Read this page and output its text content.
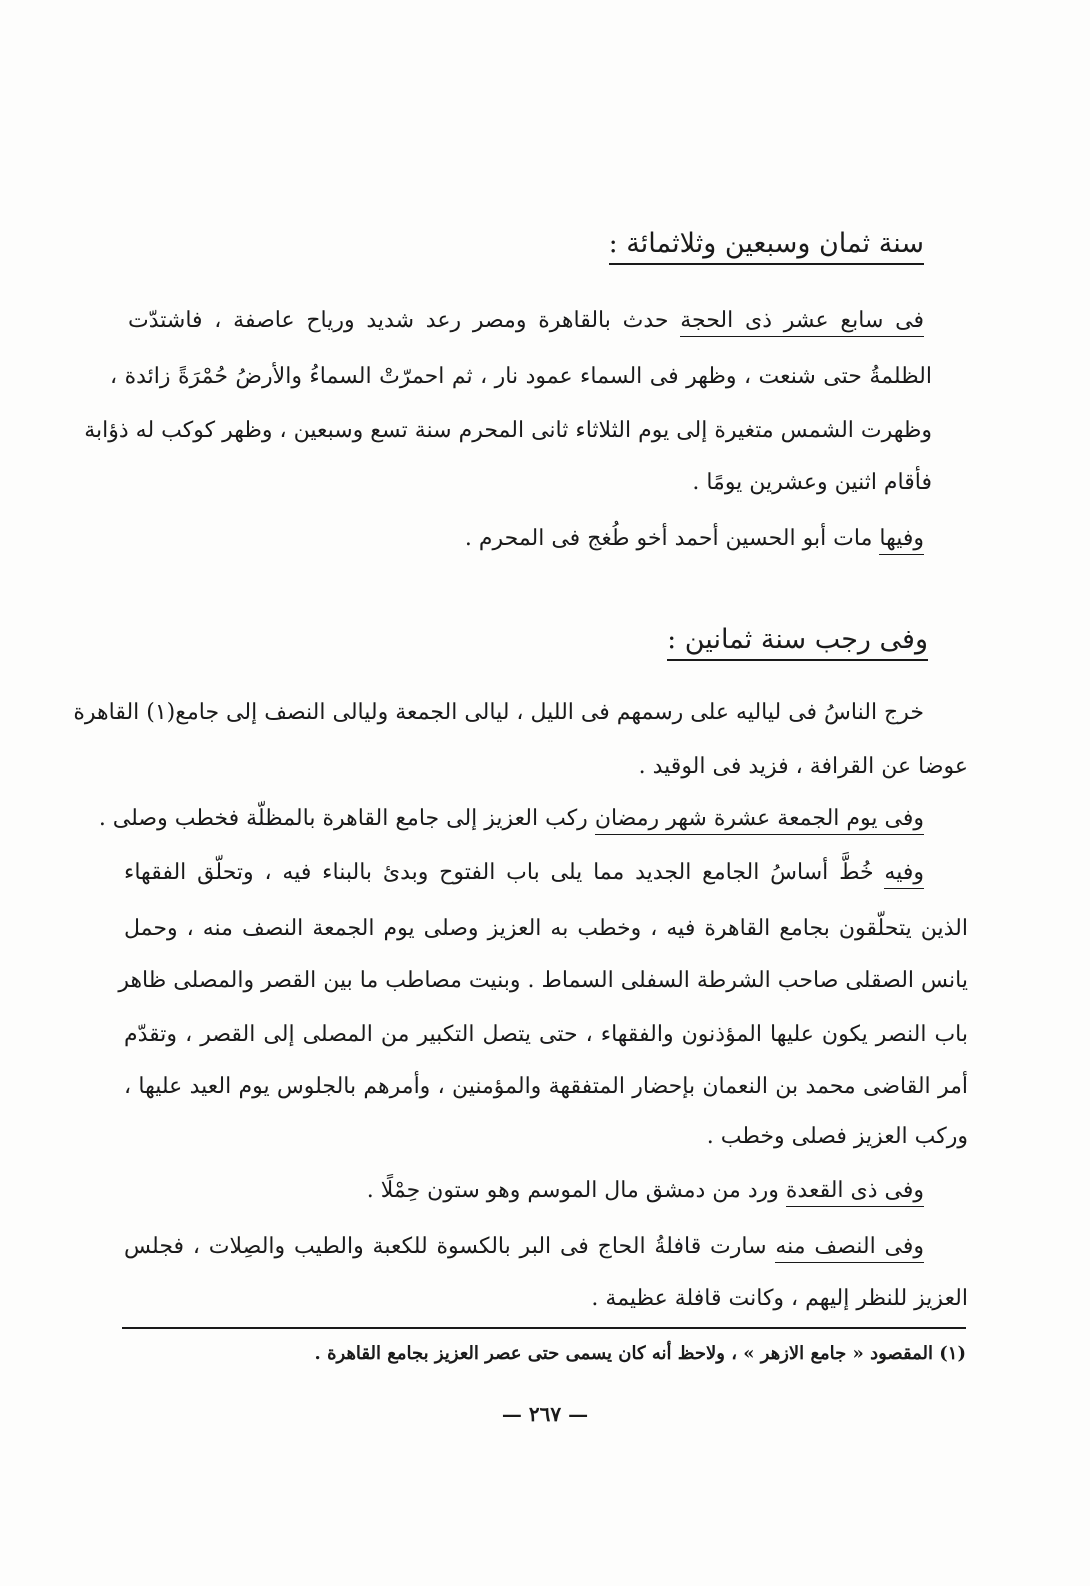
سنة ثمان وسبعين وثلاثمائة :
فى سابع عشر ذى الحجة حدث بالقاهرة ومصر رعد شديد ورياح عاصفة ، فاشتدّت
الظلمةُ حتى شنعت ، وظهر فى السماء عمود نار ، ثم احمرّتْ السماءُ والأرضُ حُمْرَةً زائدة ،
وظهرت الشمس متغيرة إلى يوم الثلاثاء ثانى المحرم سنة تسع وسبعين ، وظهر كوكب له ذؤابة
فأقام اثنين وعشرين يومًا .
وفيها مات أبو الحسين أحمد أخو طُغج فى المحرم .
وفى رجب سنة ثمانين :
خرج الناسُ فى لياليه على رسمهم فى الليل ، ليالى الجمعة وليالى النصف إلى جامع(١) القاهرة
عوضا عن القرافة ، فزيد فى الوقيد .
وفى يوم الجمعة عشرة شهر رمضان ركب العزيز إلى جامع القاهرة بالمظلّة فخطب وصلى .
وفيه خُطَّ أساسُ الجامع الجديد مما يلى باب الفتوح وبدئ بالبناء فيه ، وتحلّق الفقهاء
الذين يتحلّقون بجامع القاهرة فيه ، وخطب به العزيز وصلى يوم الجمعة النصف منه ، وحمل
يانس الصقلى صاحب الشرطة السفلى السماط . وبنيت مصاطب ما بين القصر والمصلى ظاهر
باب النصر يكون عليها المؤذنون والفقهاء ، حتى يتصل التكبير من المصلى إلى القصر ، وتقدّم
أمر القاضى محمد بن النعمان بإحضار المتفقهة والمؤمنين ، وأمرهم بالجلوس يوم العيد عليها ،
وركب العزيز فصلى وخطب .
وفى ذى القعدة ورد من دمشق مال الموسم وهو ستون حِمْلًا .
وفى النصف منه سارت قافلةُ الحاج فى البر بالكسوة للكعبة والطيب والصِلات ، فجلس
العزيز للنظر إليهم ، وكانت قافلة عظيمة .
(١) المقصود « جامع الازهر » ، ولاحظ أنه كان يسمى حتى عصر العزيز بجامع القاهرة .
— ٢٦٧ —
